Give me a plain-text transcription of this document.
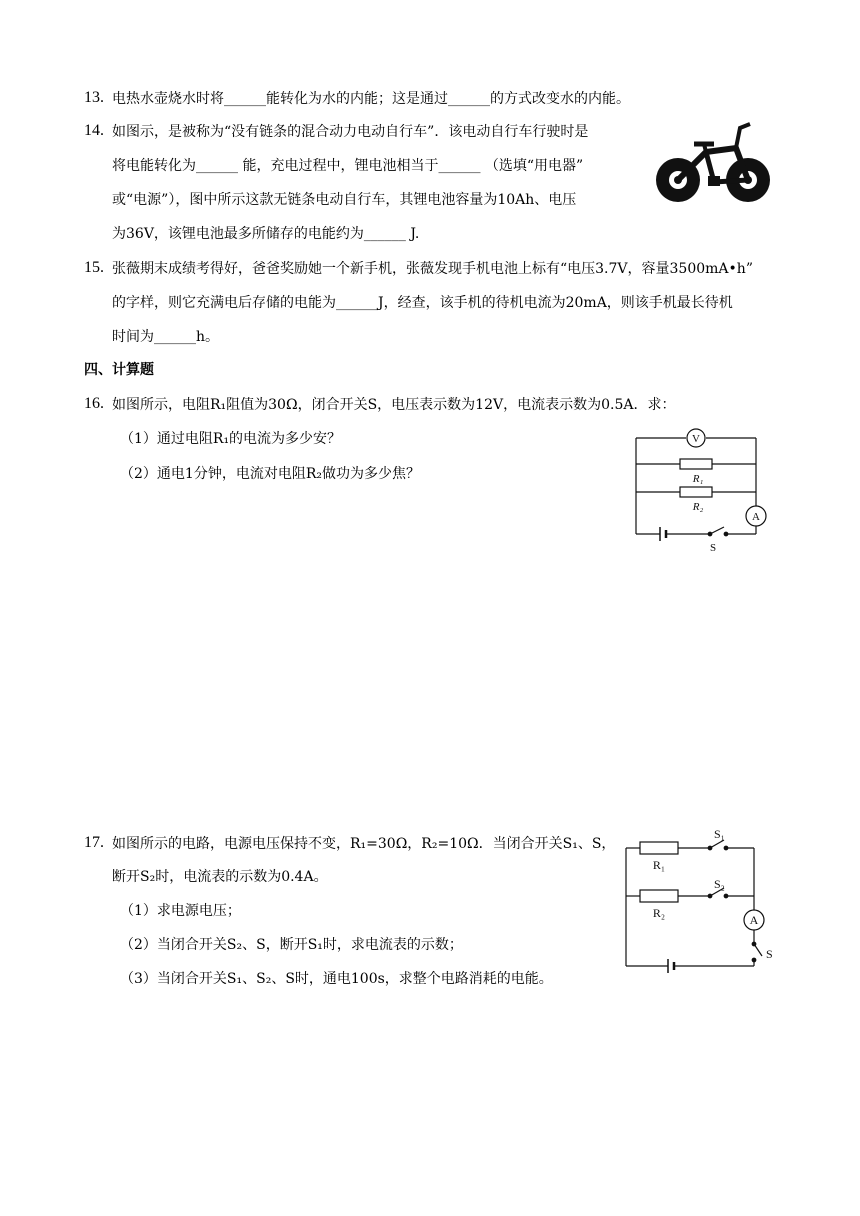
13. 电热水壶烧水时将______能转化为水的内能；这是通过______的方式改变水的内能。
14. 如图示，是被称为“没有链条的混合动力电动自行车”．该电动自行车行驶时是
将电能转化为______ 能，充电过程中，锂电池相当于______ （选填“用电器”
或“电源”），图中所示这款无链条电动自行车，其锂电池容量为10Ah、电压
为36V，该锂电池最多所储存的电能约为______ J.
15. 张薇期末成绩考得好，爸爸奖励她一个新手机，张薇发现手机电池上标有“电压3.7V，容量3500mA•h”
的字样，则它充满电后存储的电能为______J，经查，该手机的待机电流为20mA，则该手机最长待机
时间为______h。
四、计算题
16. 如图所示，电阻R₁阻值为30Ω，闭合开关S，电压表示数为12V，电流表示数为0.5A．求：
（1）通过电阻R₁的电流为多少安？
（2）通电1分钟，电流对电阻R₂做功为多少焦？
V
R₁
R₂
A
S
17. 如图所示的电路，电源电压保持不变，R₁=30Ω，R₂=10Ω．当闭合开关S₁、S，
断开S₂时，电流表的示数为0.4A。
（1）求电源电压；
（2）当闭合开关S₂、S，断开S₁时，求电流表的示数；
（3）当闭合开关S₁、S₂、S时，通电100s，求整个电路消耗的电能。
S₁
S₂
R₁
R₂	A
S
